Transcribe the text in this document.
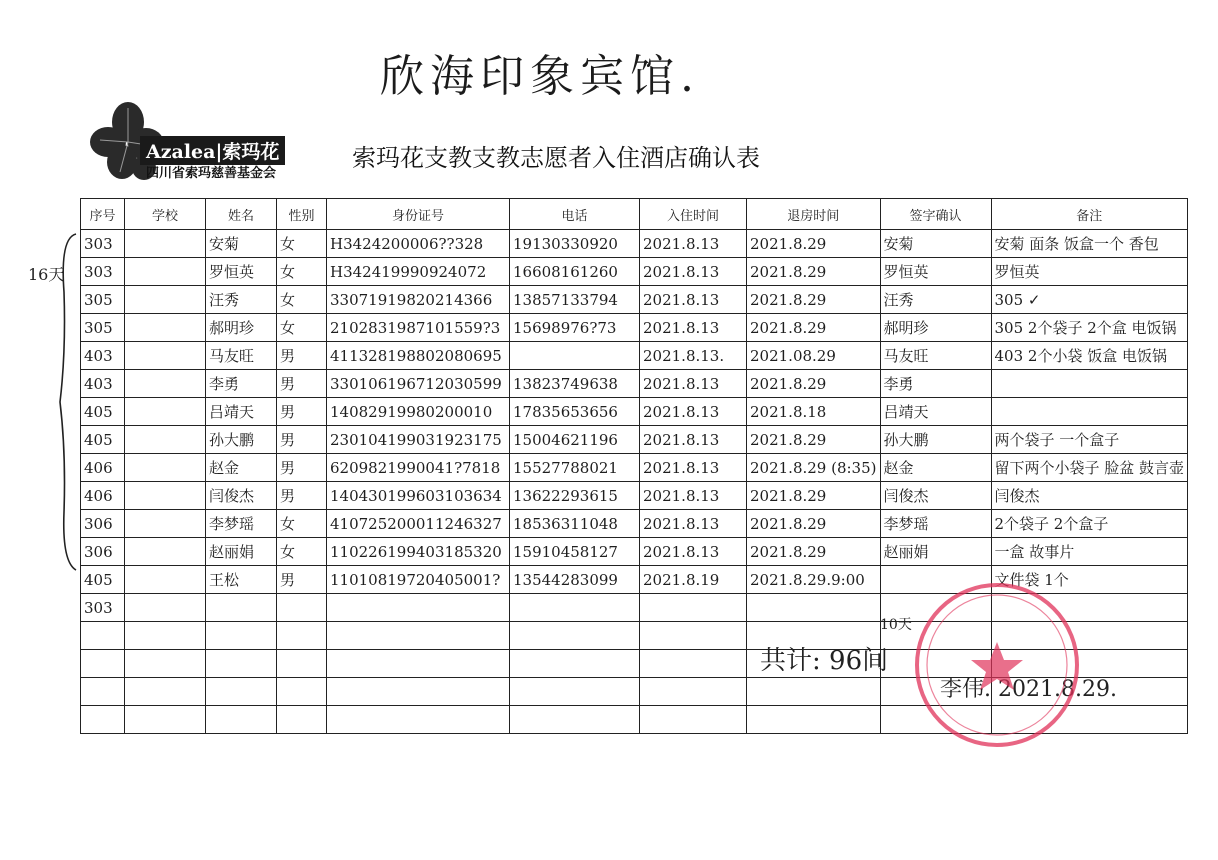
欣海印象宾馆.
Azalea|索玛花
四川省索玛慈善基金会
索玛花支教支教志愿者入住酒店确认表
序号	学校	姓名	性别	身份证号	电话	入住时间	退房时间	签字确认	备注
303		安菊	女	H3424200006??328	19130330920	2021.8.13	2021.8.29	安菊	安菊 面条 饭盒一个 香包
303		罗恒英	女	H342419990924072	16608161260	2021.8.13	2021.8.29	罗恒英	罗恒英
305		汪秀	女	33071919820214366	13857133794	2021.8.13	2021.8.29	汪秀	305 ✓
305		郝明珍	女	2102831987101559?3	15698976?73	2021.8.13	2021.8.29	郝明珍	305 2个袋子 2个盒 电饭锅
403		马友旺	男	411328198802080695		2021.8.13.	2021.08.29	马友旺	403 2个小袋 饭盒 电饭锅
403		李勇	男	330106196712030599	13823749638	2021.8.13	2021.8.29	李勇	
405		吕靖天	男	14082919980200010	17835653656	2021.8.13	2021.8.18	吕靖天	
405		孙大鹏	男	230104199031923175	15004621196	2021.8.13	2021.8.29	孙大鹏	两个袋子 一个盒子
406		赵金	男	6209821990041?7818	15527788021	2021.8.13	2021.8.29 (8:35)	赵金	留下两个小袋子 脸盆 鼓言壶
406		闫俊杰	男	140430199603103634	13622293615	2021.8.13	2021.8.29	闫俊杰	闫俊杰
306		李梦瑶	女	410725200011246327	18536311048	2021.8.13	2021.8.29	李梦瑶	2个袋子 2个盒子
306		赵丽娟	女	110226199403185320	15910458127	2021.8.13	2021.8.29	赵丽娟	一盒 故事片
405		王松	男	11010819720405001?	13544283099	2021.8.19	2021.8.29.9:00		文件袋 1个
303									

16天
10天
共计: 96间
李伟. 2021.8.29.
